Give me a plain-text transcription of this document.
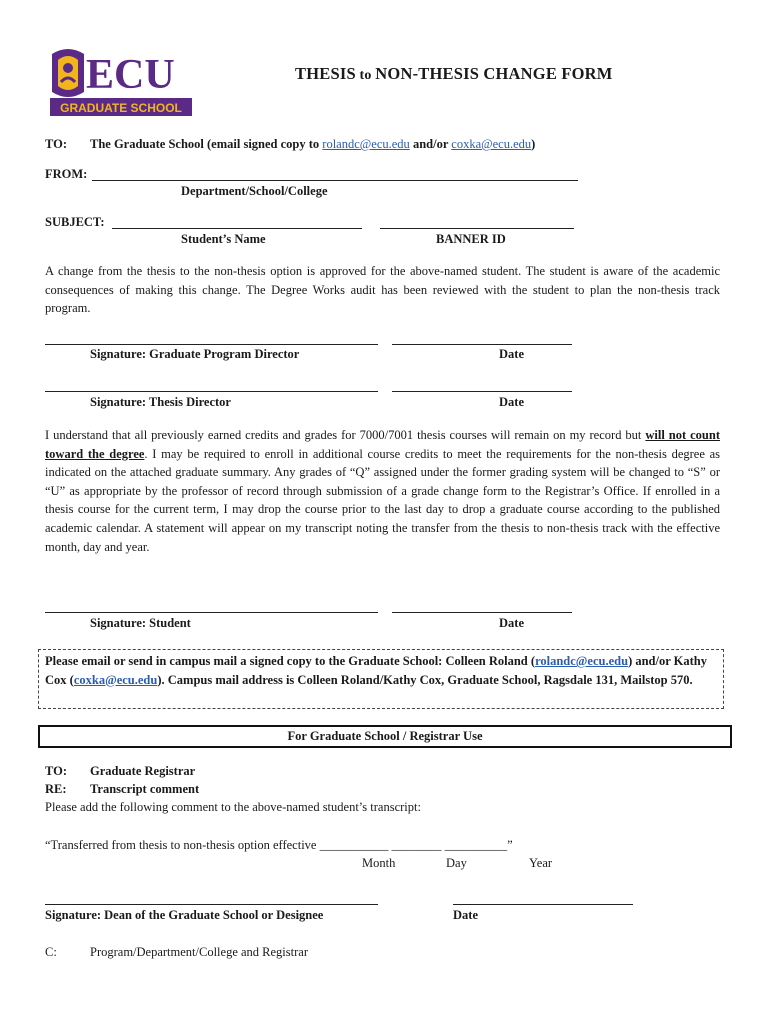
ECU
GRADUATE SCHOOL
THESIS to NON-THESIS CHANGE FORM
TO: The Graduate School (email signed copy to rolandc@ecu.edu and/or coxka@ecu.edu)
FROM:
Department/School/College
SUBJECT:
Student’s Name	BANNER ID
A change from the thesis to the non-thesis option is approved for the above-named student. The student is aware of the academic consequences of making this change. The Degree Works audit has been reviewed with the student to plan the non-thesis track program.
Signature: Graduate Program Director	Date
Signature: Thesis Director	Date
I understand that all previously earned credits and grades for 7000/7001 thesis courses will remain on my record but will not count toward the degree. I may be required to enroll in additional course credits to meet the requirements for the non-thesis degree as indicated on the attached graduate summary. Any grades of “Q” assigned under the former grading system will be changed to “S” or “U” as appropriate by the professor of record through submission of a grade change form to the Registrar’s Office. If enrolled in a thesis course for the current term, I may drop the course prior to the last day to drop a graduate course according to the published academic calendar. A statement will appear on my transcript noting the transfer from the thesis to non-thesis track with the effective month, day and year.
Signature: Student	Date
Please email or send in campus mail a signed copy to the Graduate School: Colleen Roland (rolandc@ecu.edu) and/or Kathy Cox (coxka@ecu.edu). Campus mail address is Colleen Roland/Kathy Cox, Graduate School, Ragsdale 131, Mailstop 570.
For Graduate School / Registrar Use
TO: Graduate Registrar
RE: Transcript comment
Please add the following comment to the above-named student’s transcript:
“Transferred from thesis to non-thesis option effective ___________ ________ __________”
Month	Day	Year
Signature: Dean of the Graduate School or Designee	Date
C:	Program/Department/College and Registrar
